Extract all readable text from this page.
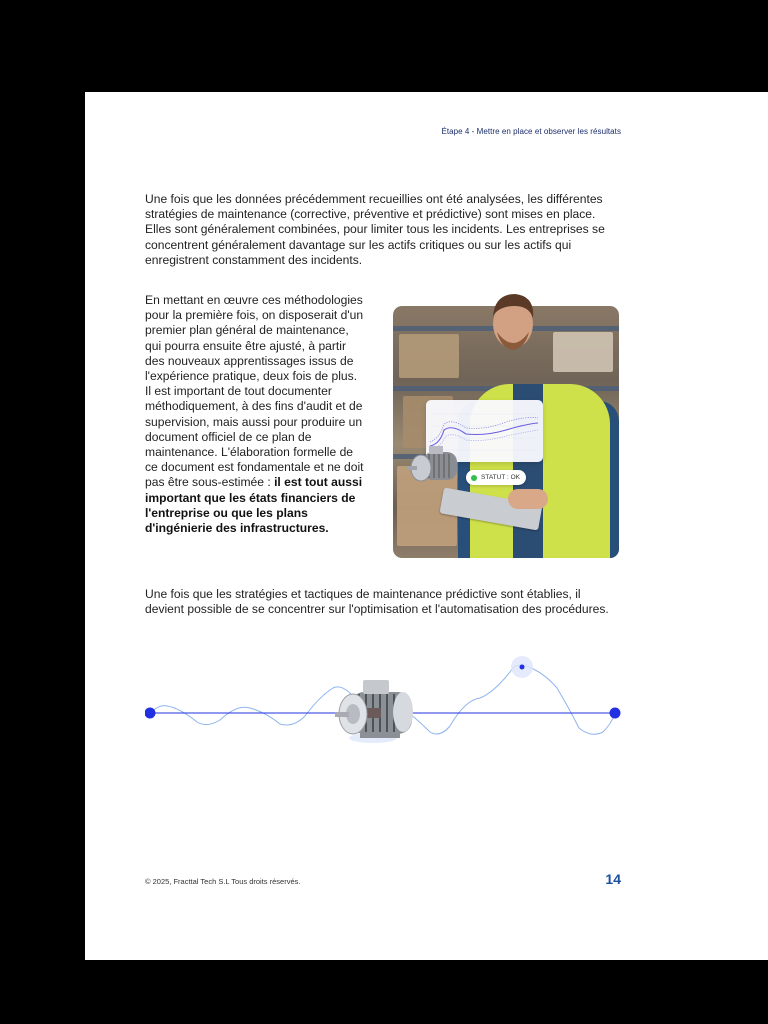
Étape 4 - Mettre en place et observer les résultats

Une fois que les données précédemment recueillies ont été analysées, les différentes stratégies de maintenance (corrective, préventive et prédictive) sont mises en place. Elles sont généralement combinées, pour limiter tous les incidents. Les entreprises se concentrent généralement davantage sur les actifs critiques ou sur les actifs qui enregistrent constamment des incidents.

En mettant en œuvre ces méthodologies pour la première fois, on disposerait d'un premier plan général de maintenance, qui pourra ensuite être ajusté, à partir des nouveaux apprentissages issus de l'expérience pratique, deux fois de plus. Il est important de tout documenter méthodiquement, à des fins d'audit et de supervision, mais aussi pour produire un document officiel de ce plan de maintenance. L'élaboration formelle de ce document est fondamentale et ne doit pas être sous-estimée : il est tout aussi important que les états financiers de l'entreprise ou que les plans d'ingénierie des infrastructures.

STATUT : OK

Une fois que les stratégies et tactiques de maintenance prédictive sont établies, il devient possible de se concentrer sur l'optimisation et l'automatisation des procédures.

© 2025, Fracttal Tech S.L Tous droits réservés.	14
